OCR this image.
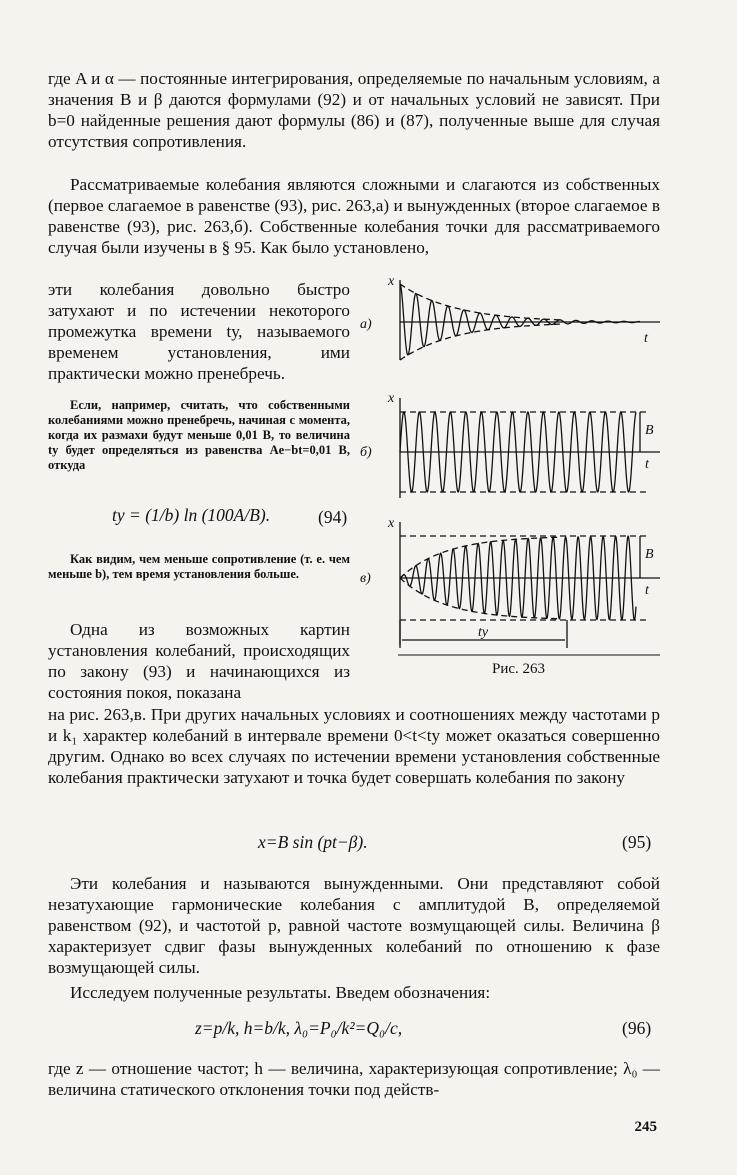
где A и α — постоянные интегрирования, определяемые по начальным условиям, а значения B и β даются формулами (92) и от начальных условий не зависят. При b=0 найденные решения дают формулы (86) и (87), полученные выше для случая отсутствия сопротивления.
Рассматриваемые колебания являются сложными и слагаются из собственных (первое слагаемое в равенстве (93), рис. 263,а) и вынужденных (второе слагаемое в равенстве (93), рис. 263,б). Собственные колебания точки для рассматриваемого случая были изучены в § 95. Как было установлено,
эти колебания довольно быстро затухают и по истечении некоторого промежутка времени tу, называемого временем установления, ими практически можно пренебречь.
Если, например, считать, что собственными колебаниями можно пренебречь, начиная с момента, когда их размахи будут меньше 0,01 B, то величина tу будет определяться из равенства Ae−bt=0,01 B, откуда
tу = (1/b) ln (100A/B).	(94)
Как видим, чем меньше сопротивление (т. е. чем меньше b), тем время установления больше.
Одна из возможных картин установления колебаний, происходящих по закону (93) и начинающихся из состояния покоя, показана
на рис. 263,в. При других начальных условиях и соотношениях между частотами p и k₁ характер колебаний в интервале времени 0<t<tу может оказаться совершенно другим. Однако во всех случаях по истечении времени установления собственные колебания практически затухают и точка будет совершать колебания по закону
x=B sin (pt−β).	(95)
Эти колебания и называются вынужденными. Они представляют собой незатухающие гармонические колебания с амплитудой B, определяемой равенством (92), и частотой p, равной частоте возмущающей силы. Величина β характеризует сдвиг фазы вынужденных колебаний по отношению к фазе возмущающей силы.
Исследуем полученные результаты. Введем обозначения:
z=p/k, h=b/k, λ₀=P₀/k²=Q₀/c,	(96)
где z — отношение частот; h — величина, характеризующая сопротивление; λ₀ — величина статического отклонения точки под действ-
245
x
а)
t
x
б)
B
t
x
в)
B
t
tу
Рис. 263
